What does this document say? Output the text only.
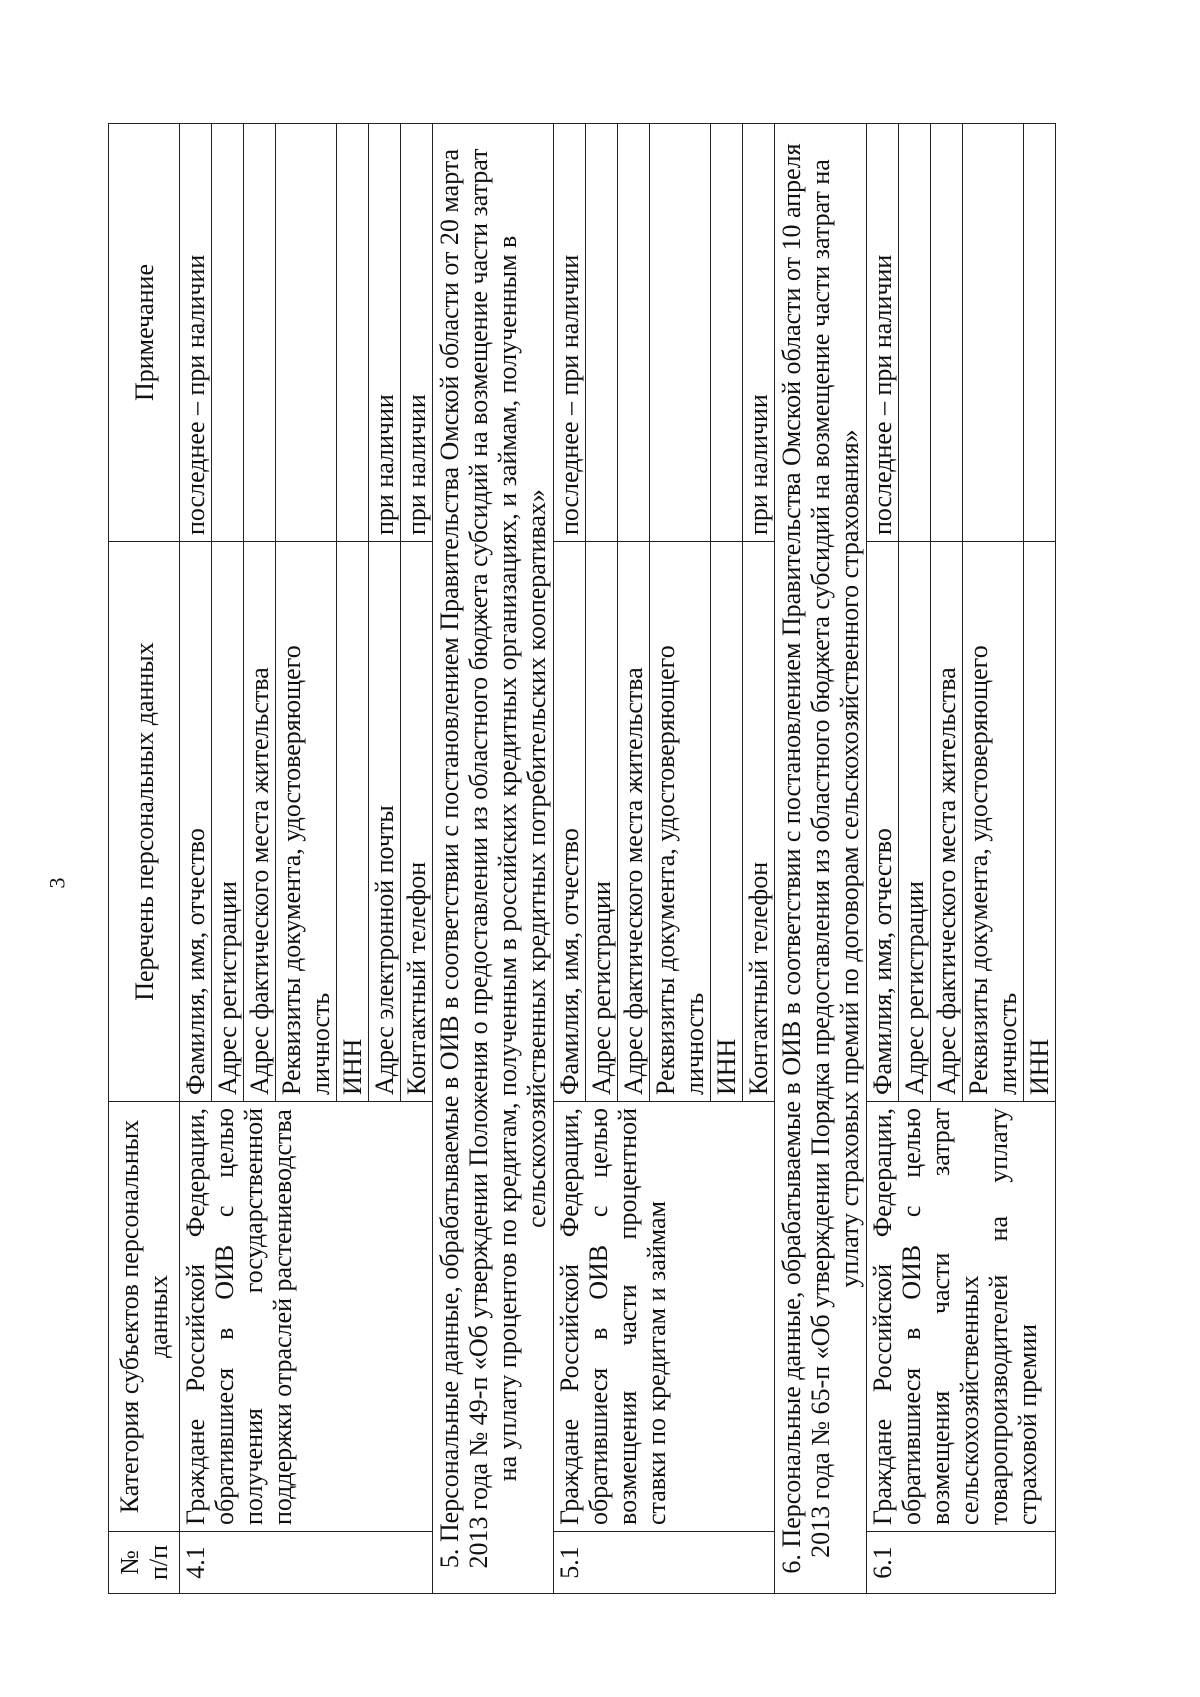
3
№ п/п	Категория субъектов персональных данных	Перечень персональных данных	Примечание
4.1	Граждане Российской Федерации, обратившиеся в ОИВ с целью получения государственной поддержки отраслей растениеводства	Фамилия, имя, отчество	последнее – при наличии
		Адрес регистрации	
		Адрес фактического места жительства	
		Реквизиты документа, удостоверяющего личность	
		ИНН	
		Адрес электронной почты	при наличии
		Контактный телефон	при наличии
5. Персональные данные, обрабатываемые в ОИВ в соответствии с постановлением Правительства Омской области от 20 марта 2013 года № 49-п «Об утверждении Положения о предоставлении из областного бюджета субсидий на возмещение части затрат на уплату процентов по кредитам, полученным в российских кредитных организациях, и займам, полученным в сельскохозяйственных кредитных потребительских кооперативах»			
5.1	Граждане Российской Федерации, обратившиеся в ОИВ с целью возмещения части процентной ставки по кредитам и займам	Фамилия, имя, отчество	последнее – при наличии
		Адрес регистрации	
		Адрес фактического места жительства	
		Реквизиты документа, удостоверяющего личность	
		ИНН	
		Контактный телефон	при наличии
6. Персональные данные, обрабатываемые в ОИВ в соответствии с постановлением Правительства Омской области от 10 апреля 2013 года № 65-п «Об утверждении Порядка предоставления из областного бюджета субсидий на возмещение части затрат на уплату страховых премий по договорам сельскохозяйственного страхования»			
6.1	Граждане Российской Федерации, обратившиеся в ОИВ с целью возмещения части затрат сельскохозяйственных товаропроизводителей на уплату страховой премии	Фамилия, имя, отчество	последнее – при наличии
		Адрес регистрации	
		Адрес фактического места жительства	
		Реквизиты документа, удостоверяющего личность	
		ИНН	
